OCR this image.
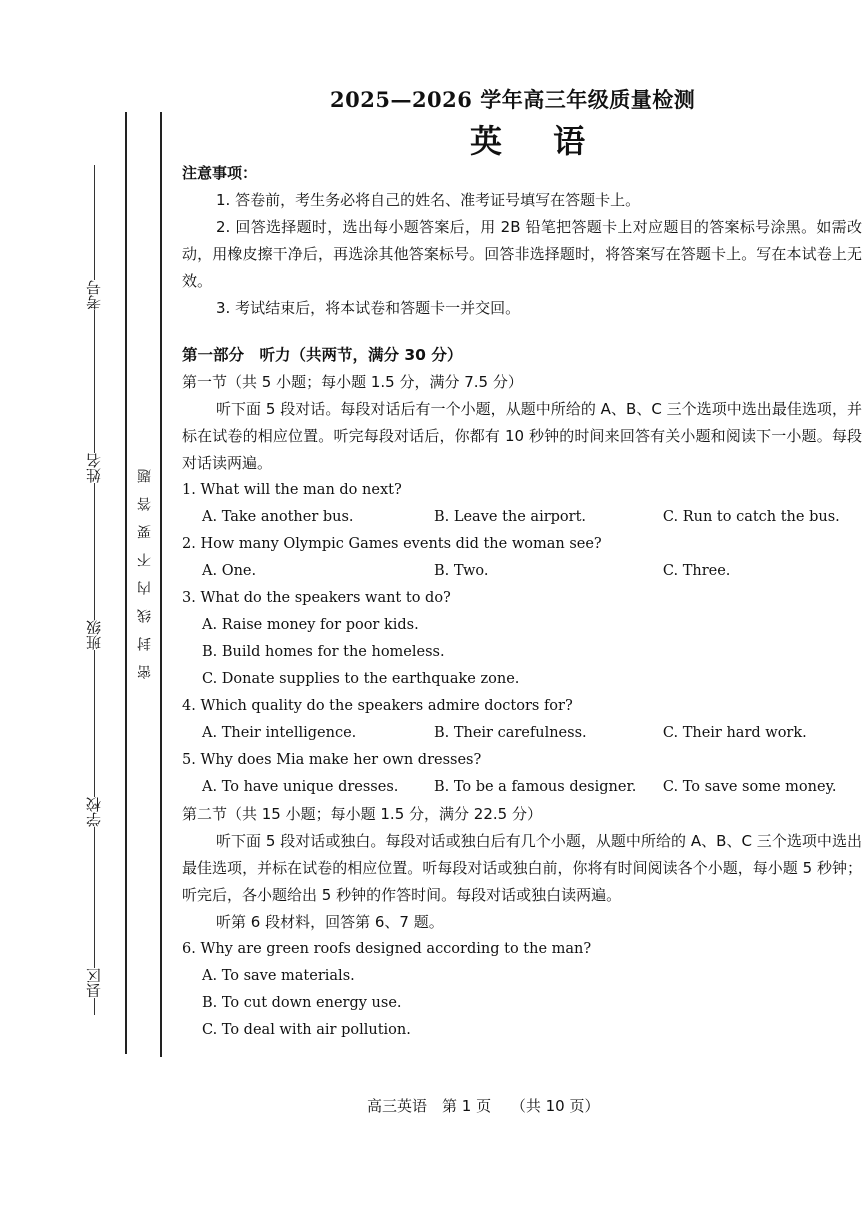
考号
姓名
班级
学校
县区
密封线内不要答题
2025—2026 学年高三年级质量检测
英 语
注意事项：
1. 答卷前，考生务必将自己的姓名、准考证号填写在答题卡上。
2. 回答选择题时，选出每小题答案后，用 2B 铅笔把答题卡上对应题目的答案标号涂黑。如需改动，用橡皮擦干净后，再选涂其他答案标号。回答非选择题时，将答案写在答题卡上。写在本试卷上无效。
3. 考试结束后，将本试卷和答题卡一并交回。
第一部分　听力（共两节，满分 30 分）
第一节（共 5 小题；每小题 1.5 分，满分 7.5 分）
听下面 5 段对话。每段对话后有一个小题，从题中所给的 A、B、C 三个选项中选出最佳选项，并标在试卷的相应位置。听完每段对话后，你都有 10 秒钟的时间来回答有关小题和阅读下一小题。每段对话读两遍。
1. What will the man do next?
A. Take another bus.	B. Leave the airport.	C. Run to catch the bus.
2. How many Olympic Games events did the woman see?
A. One.	B. Two.	C. Three.
3. What do the speakers want to do?
A. Raise money for poor kids.
B. Build homes for the homeless.
C. Donate supplies to the earthquake zone.
4. Which quality do the speakers admire doctors for?
A. Their intelligence.	B. Their carefulness.	C. Their hard work.
5. Why does Mia make her own dresses?
A. To have unique dresses.	B. To be a famous designer.	C. To save some money.
第二节（共 15 小题；每小题 1.5 分，满分 22.5 分）
听下面 5 段对话或独白。每段对话或独白后有几个小题，从题中所给的 A、B、C 三个选项中选出最佳选项，并标在试卷的相应位置。听每段对话或独白前，你将有时间阅读各个小题，每小题 5 秒钟；听完后，各小题给出 5 秒钟的作答时间。每段对话或独白读两遍。
听第 6 段材料，回答第 6、7 题。
6. Why are green roofs designed according to the man?
A. To save materials.
B. To cut down energy use.
C. To deal with air pollution.
高三英语　第 1 页　 （共 10 页）
